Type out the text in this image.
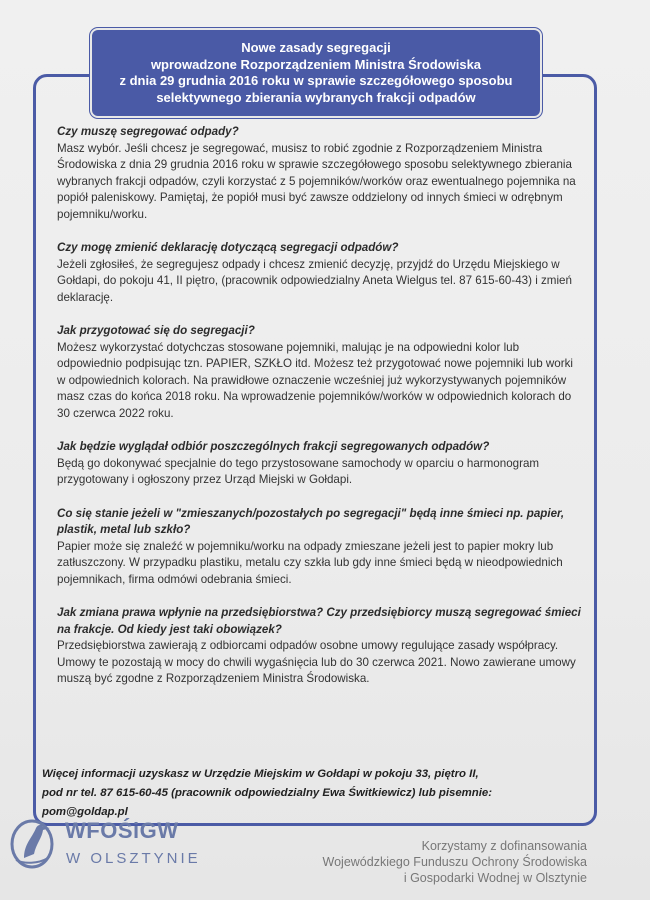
Nowe zasady segregacji
wprowadzone Rozporządzeniem Ministra Środowiska
z dnia 29 grudnia 2016 roku w sprawie szczegółowego sposobu
selektywnego zbierania wybranych frakcji odpadów
Czy muszę segregować odpady?
Masz wybór. Jeśli chcesz je segregować, musisz to robić zgodnie z Rozporządzeniem Ministra Środowiska z dnia 29 grudnia 2016 roku w sprawie szczegółowego sposobu selektywnego zbierania wybranych frakcji odpadów, czyli korzystać z 5 pojemników/worków oraz ewentualnego pojemnika na popiół paleniskowy. Pamiętaj, że popiół musi być zawsze oddzielony od innych śmieci w odrębnym pojemniku/worku.
Czy mogę zmienić deklarację dotyczącą segregacji odpadów?
Jeżeli zgłosiłeś, że segregujesz odpady i chcesz zmienić decyzję, przyjdź do Urzędu Miejskiego w Gołdapi, do pokoju 41, II piętro, (pracownik odpowiedzialny Aneta Wielgus tel. 87 615-60-43) i zmień deklarację.
Jak przygotować się do segregacji?
Możesz wykorzystać dotychczas stosowane pojemniki, malując je na odpowiedni kolor lub odpowiednio podpisując tzn. PAPIER, SZKŁO itd. Możesz też przygotować nowe pojemniki lub worki w odpowiednich kolorach. Na prawidłowe oznaczenie wcześniej już wykorzystywanych pojemników masz czas do końca 2018 roku. Na wprowadzenie pojemników/worków w odpowiednich kolorach do 30 czerwca 2022 roku.
Jak będzie wyglądał odbiór poszczególnych frakcji segregowanych odpadów?
Będą go dokonywać specjalnie do tego przystosowane samochody w oparciu o harmonogram przygotowany i ogłoszony przez Urząd Miejski w Gołdapi.
Co się stanie jeżeli w "zmieszanych/pozostałych po segregacji" będą inne śmieci np. papier, plastik, metal lub szkło?
Papier może się znaleźć w pojemniku/worku na odpady zmieszane jeżeli jest to papier mokry lub zatłuszczony. W przypadku plastiku, metalu czy szkła lub gdy inne śmieci będą w nieodpowiednich pojemnikach, firma odmówi odebrania śmieci.
Jak zmiana prawa wpłynie na przedsiębiorstwa? Czy przedsiębiorcy muszą segregować śmieci na frakcje. Od kiedy jest taki obowiązek?
Przedsiębiorstwa zawierają z odbiorcami odpadów osobne umowy regulujące zasady współpracy. Umowy te pozostają w mocy do chwili wygaśnięcia lub do 30 czerwca 2021. Nowo zawierane umowy muszą być zgodne z Rozporządzeniem Ministra Środowiska.
Więcej informacji uzyskasz w Urzędzie Miejskim w Gołdapi w pokoju 33, piętro II,
pod nr tel. 87 615-60-45 (pracownik odpowiedzialny Ewa Świtkiewicz) lub pisemnie: pom@goldap.pl
WFOŚiGW
W OLSZTYNIE
Korzystamy z dofinansowania
Wojewódzkiego Funduszu Ochrony Środowiska
i Gospodarki Wodnej w Olsztynie
